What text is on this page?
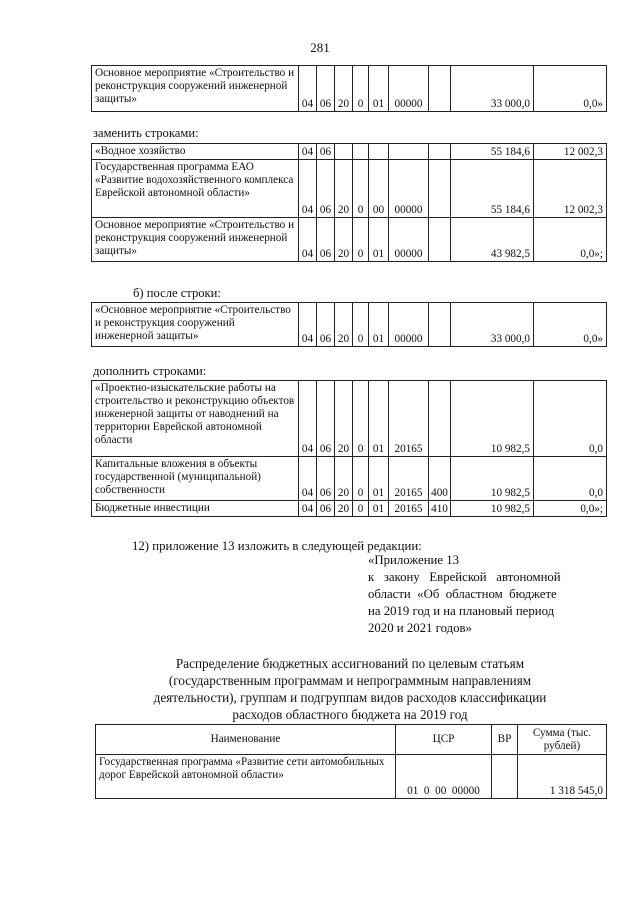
281
Основное мероприятие «Строительство и реконструкция сооружений инженерной защиты»	04	06	20	0	01	00000		33 000,0	0,0»
заменить строками:
«Водное хозяйство	04	06						55 184,6	12 002,3
Государственная программа ЕАО «Развитие водохозяйственного комплекса Еврейской автономной области»	04	06	20	0	00	00000		55 184,6	12 002,3
Основное мероприятие «Строительство и реконструкция сооружений инженерной защиты»	04	06	20	0	01	00000		43 982,5	0,0»;
б) после строки:
«Основное мероприятие «Строительство и реконструкция сооружений инженерной защиты»	04	06	20	0	01	00000		33 000,0	0,0»
дополнить строками:
«Проектно-изыскательские работы на строительство и реконструкцию объектов инженерной защиты от наводнений на территории Еврейской автономной области	04	06	20	0	01	20165		10 982,5	0,0
Капитальные вложения в объекты государственной (муниципальной) собственности	04	06	20	0	01	20165	400	10 982,5	0,0
Бюджетные инвестиции	04	06	20	0	01	20165	410	10 982,5	0,0»;
12) приложение 13 изложить в следующей редакции:
«Приложение 13
к   закону   Еврейской   автономной
области  «Об  областном  бюджете
на 2019 год и на плановый период
2020 и 2021 годов»
Распределение бюджетных ассигнований по целевым статьям
(государственным программам и непрограммным направлениям
деятельности), группам и подгруппам видов расходов классификации
расходов областного бюджета на 2019 год
Наименование	ЦСР	ВР	Сумма (тыс.
рублей)

Государственная программа «Развитие сети автомобильных дорог Еврейской автономной области»	01  0  00  00000		1 318 545,0
